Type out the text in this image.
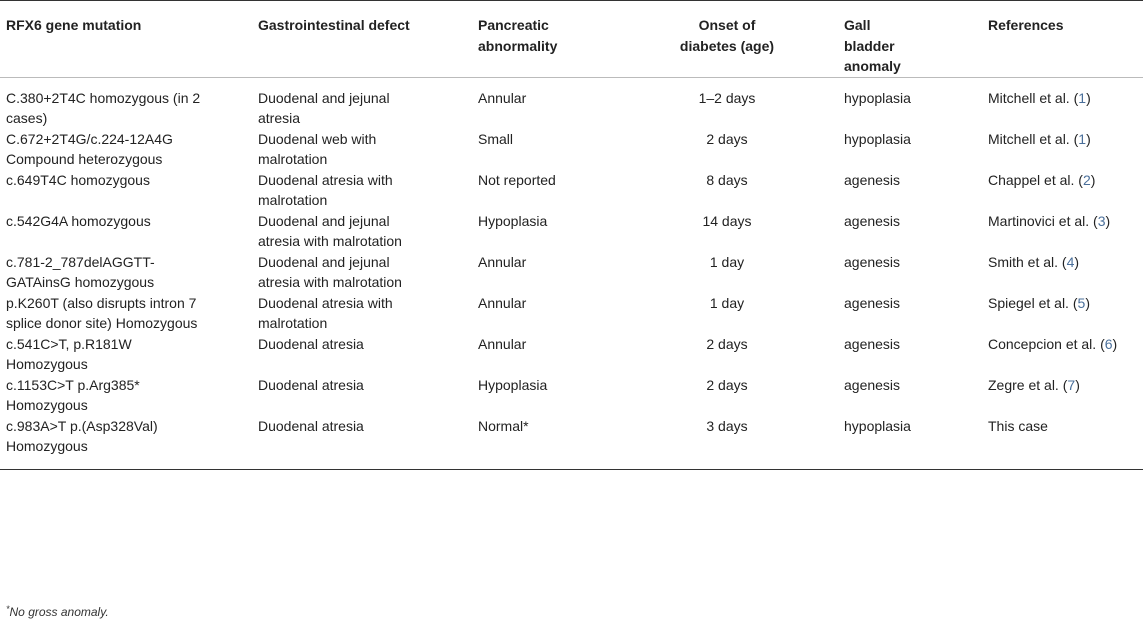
RFX6 gene mutation	Gastrointestinal defect	Pancreatic abnormality	Onset of diabetes (age)	Gall bladder anomaly	References
C.380+2T4C homozygous (in 2 cases)	Duodenal and jejunal atresia	Annular	1–2 days	hypoplasia	Mitchell et al. (1)
C.672+2T4G/c.224-12A4G Compound heterozygous	Duodenal web with malrotation	Small	2 days	hypoplasia	Mitchell et al. (1)
c.649T4C homozygous	Duodenal atresia with malrotation	Not reported	8 days	agenesis	Chappel et al. (2)
c.542G4A homozygous	Duodenal and jejunal atresia with malrotation	Hypoplasia	14 days	agenesis	Martinovici et al. (3)
c.781-2_787delAGGTT-GATAinsG homozygous	Duodenal and jejunal atresia with malrotation	Annular	1 day	agenesis	Smith et al. (4)
p.K260T (also disrupts intron 7 splice donor site) Homozygous	Duodenal atresia with malrotation	Annular	1 day	agenesis	Spiegel et al. (5)
c.541C>T, p.R181W Homozygous	Duodenal atresia	Annular	2 days	agenesis	Concepcion et al. (6)
c.1153C>T p.Arg385* Homozygous	Duodenal atresia	Hypoplasia	2 days	agenesis	Zegre et al. (7)
c.983A>T p.(Asp328Val) Homozygous	Duodenal atresia	Normal*	3 days	hypoplasia	This case
*No gross anomaly.
